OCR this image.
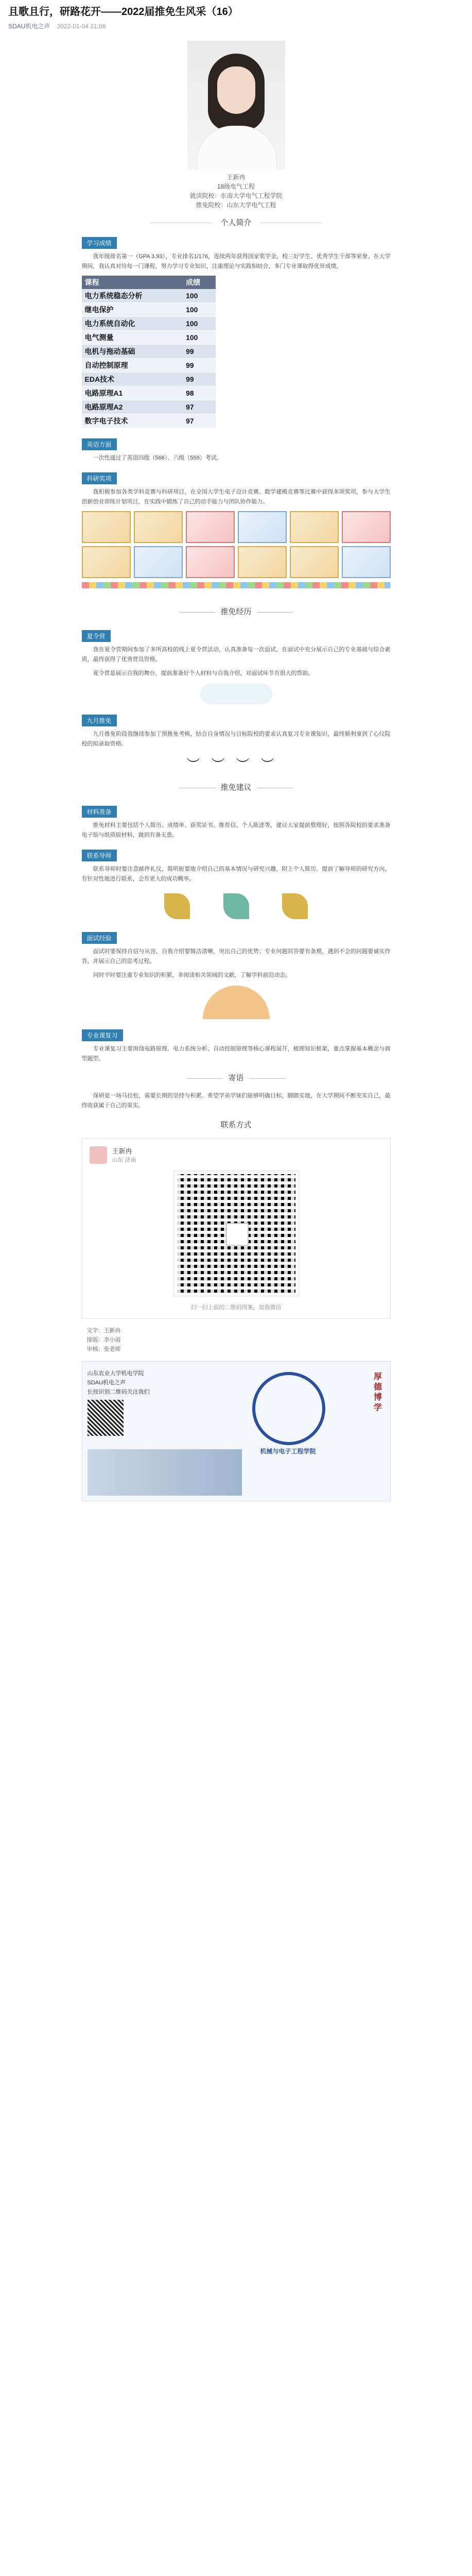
且歌且行，研路花开——2022届推免生风采（16）
SDAU机电之声 2022-01-04 21:06
王新冉
18级电气工程
就读院校：东南大学电气工程学院
推免院校：山东大学电气工程
个人简介
学习成绩

我年级排名第一（GPA 3.93），专业排名1/176，连续两年获得国家奖学金、校三好学生、优秀学生干部等荣誉。在大学期间，我认真对待每一门课程，努力学习专业知识，注重理论与实践相结合，多门专业课取得优异成绩。

课程	成绩
电力系统稳态分析	100
继电保护	100
电力系统自动化	100
电气测量	100
电机与拖动基础	99
自动控制原理	99
EDA技术	99
电路原理A1	98
电路原理A2	97
数字电子技术	97
英语方面

一次性通过了英语四级（566）、六级（559）考试。

科研奖项

我积极参加各类学科竞赛与科研项目，在全国大学生电子设计竞赛、数学建模竞赛等比赛中获得多项奖项，参与大学生创新创业训练计划项目，在实践中锻炼了自己的动手能力与团队协作能力。

推免经历
夏令营

我在夏令营期间参加了多所高校的线上夏令营活动，认真准备每一次面试，在面试中充分展示自己的专业基础与综合素质，最终获得了优秀营员资格。

夏令营是展示自我的舞台，提前准备好个人材料与自我介绍，对面试环节有很大的帮助。

九月推免

九月推免阶段我继续参加了预推免考核，结合自身情况与目标院校的要求认真复习专业课知识，最终顺利拿到了心仪院校的拟录取资格。

︶︶︶︶
推免建议
材料准备

推免材料主要包括个人简历、成绩单、获奖证书、推荐信、个人陈述等，建议大家提前整理好，按照各院校的要求准备电子版与纸质版材料，做到有备无患。

联系导师

联系导师时要注意邮件礼仪，简明扼要地介绍自己的基本情况与研究兴趣，附上个人简历。提前了解导师的研究方向，有针对性地进行联系，会有更大的成功概率。

面试经验

面试时要保持自信与从容，自我介绍要简洁清晰，突出自己的优势；专业问题回答要有条理，遇到不会的问题要诚实作答，并展示自己的思考过程。

同时平时要注重专业知识的积累，多阅读相关领域的文献，了解学科前沿动态。

专业课复习

专业课复习主要围绕电路原理、电力系统分析、自动控制原理等核心课程展开，梳理知识框架，重点掌握基本概念与典型题型。

寄语

保研是一场马拉松，需要长期的坚持与积累。希望学弟学妹们能够明确目标，脚踏实地，在大学期间不断充实自己，最终收获属于自己的果实。

联系方式
王新冉
山东 济南
扫一扫上面的二维码图案，加我微信
文字：王新冉
排版：李小雨
审核：张老师
山东农业大学机电学院
SDAU机电之声
长按识别二维码关注我们
机械与电子工程学院
厚德博学
